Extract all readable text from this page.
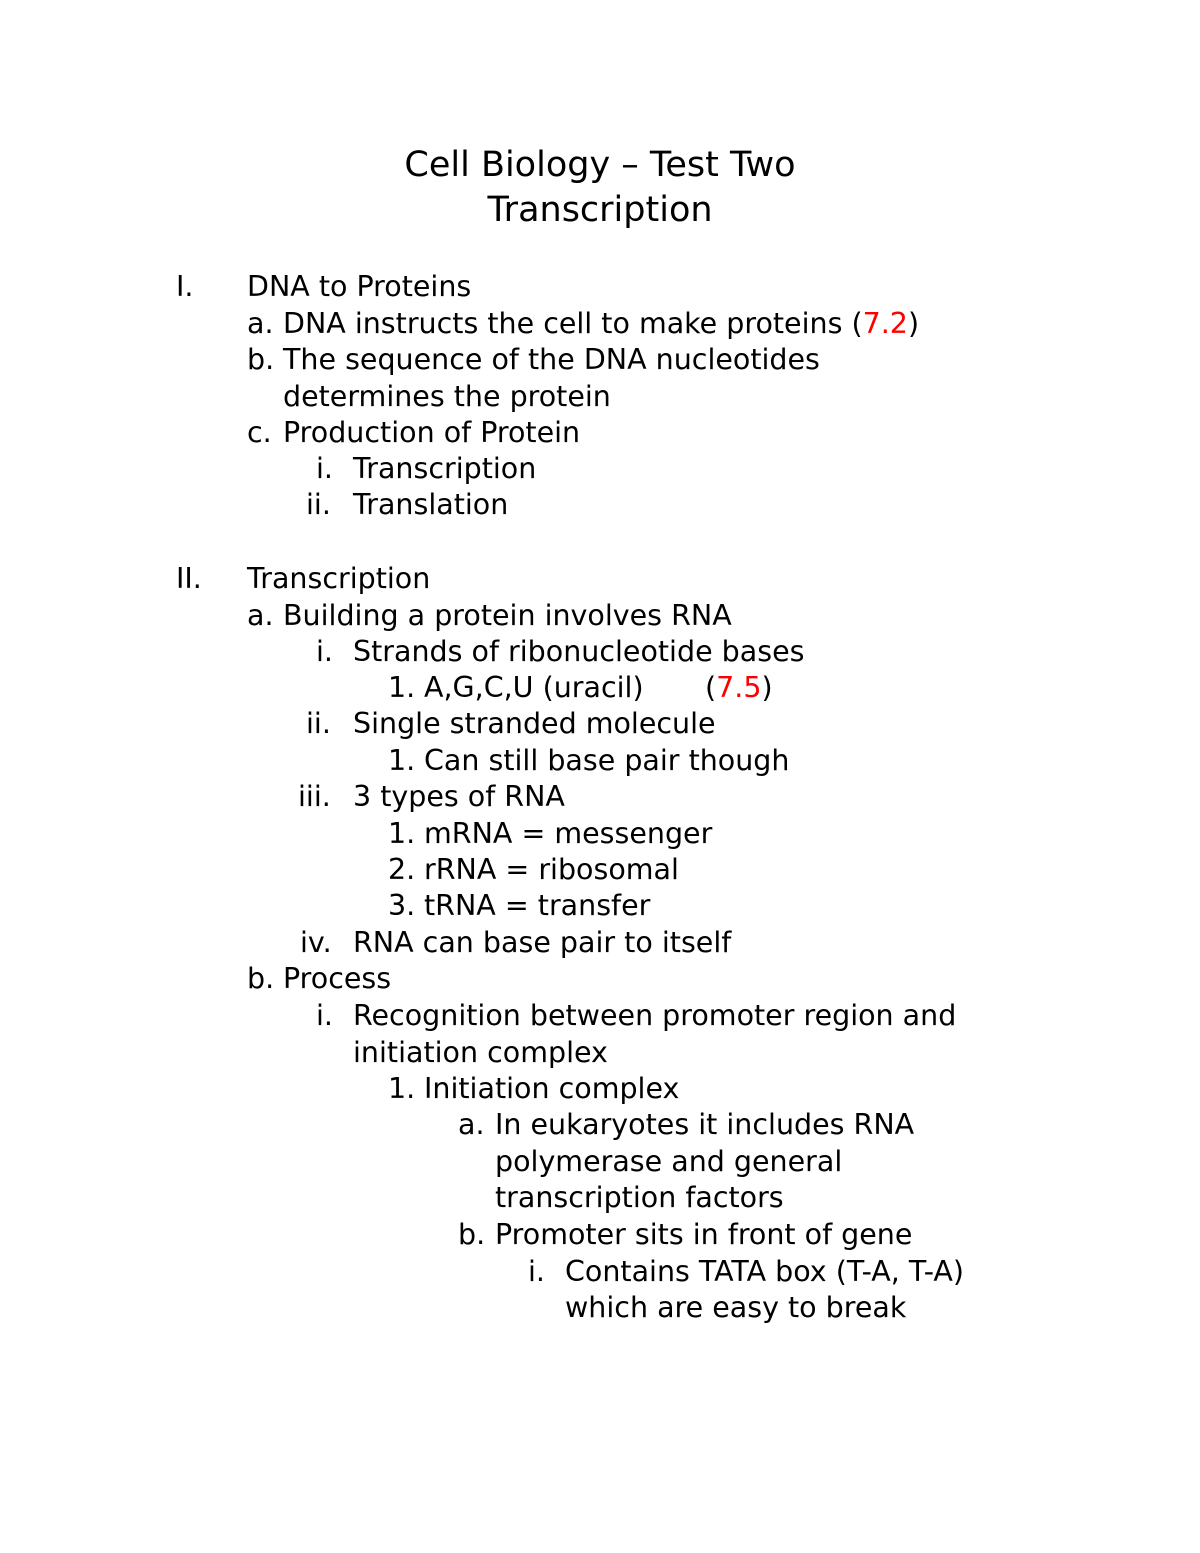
Cell Biology – Test Two
Transcription
I. DNA to Proteins
a. DNA instructs the cell to make proteins (7.2)
b. The sequence of the DNA nucleotides
determines the protein
c. Production of Protein
i. Transcription
ii. Translation
II. Transcription
a. Building a protein involves RNA
i. Strands of ribonucleotide bases
1. A,G,C,U (uracil) (7.5)
ii. Single stranded molecule
1. Can still base pair though
iii. 3 types of RNA
1. mRNA = messenger
2. rRNA = ribosomal
3. tRNA = transfer
iv. RNA can base pair to itself
b. Process
i. Recognition between promoter region and
initiation complex
1. Initiation complex
a. In eukaryotes it includes RNA
polymerase and general
transcription factors
b. Promoter sits in front of gene
i. Contains TATA box (T-A, T-A)
which are easy to break
